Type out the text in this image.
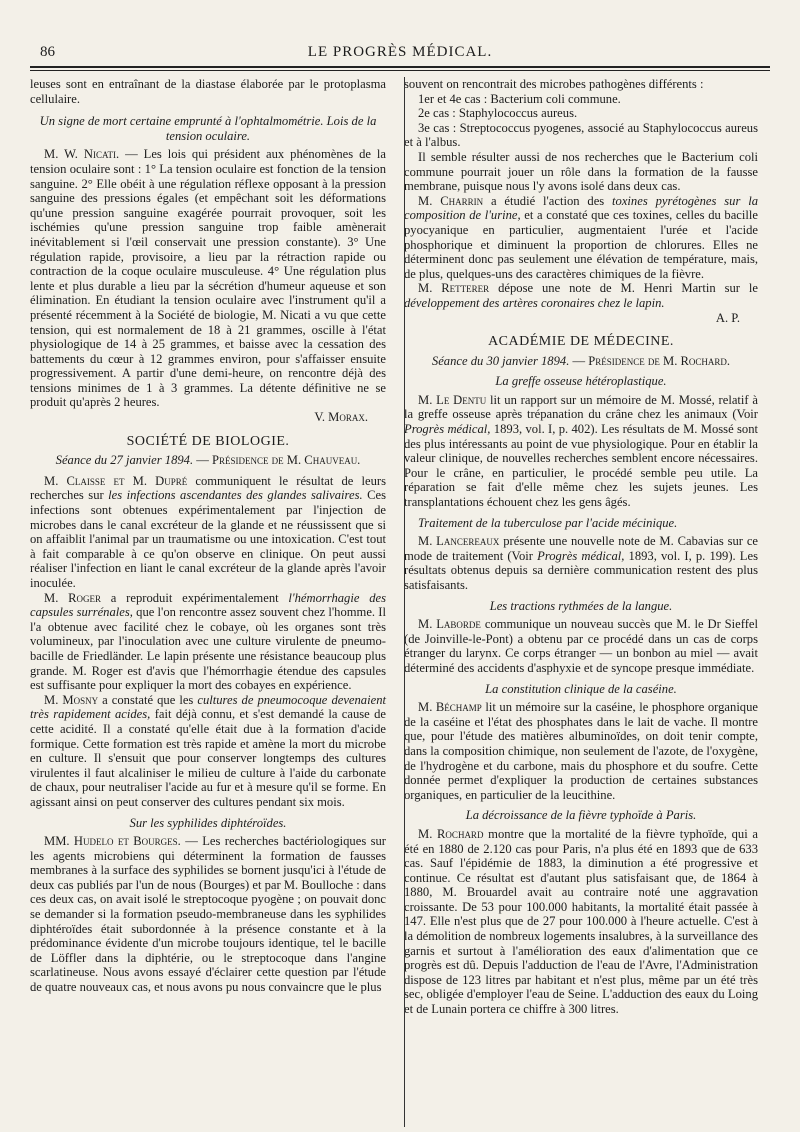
86	LE PROGRÈS MÉDICAL.

leuses sont en entraînant de la diastase élaborée par le protoplasma cellulaire.

Un signe de mort certaine emprunté à l'ophtalmométrie. Lois de la tension oculaire.

M. W. Nicati. — Les lois qui président aux phénomènes de la tension oculaire sont : 1° La tension oculaire est fonction de la tension sanguine. 2° Elle obéit à une régulation réflexe opposant à la pression sanguine des pressions égales (et empêchant soit les déformations qu'une pression sanguine exagérée pourrait provoquer, soit les ischémies qu'une pression sanguine trop faible amènerait inévitablement si l'œil conservait une pression constante). 3° Une régulation rapide, provisoire, a lieu par la rétraction rapide ou contraction de la coque oculaire musculeuse. 4° Une régulation plus lente et plus durable a lieu par la sécrétion d'humeur aqueuse et son élimination. En étudiant la tension oculaire avec l'instrument qu'il a présenté récemment à la Société de biologie, M. Nicati a vu que cette tension, qui est normalement de 18 à 21 grammes, oscille à l'état physiologique de 14 à 25 grammes, et baisse avec la cessation des battements du cœur à 12 grammes environ, pour s'affaisser ensuite progressivement. A partir d'une demi-heure, on rencontre déjà des tensions minimes de 1 à 3 grammes. La détente définitive ne se produit qu'après 2 heures.

V. Morax.

SOCIÉTÉ DE BIOLOGIE.

Séance du 27 janvier 1894. — Présidence de M. Chauveau.

M. Claisse et M. Dupré communiquent le résultat de leurs recherches sur les infections ascendantes des glandes salivaires. Ces infections sont obtenues expérimentalement par l'injection de microbes dans le canal excréteur de la glande et ne réussissent que si on affaiblit l'animal par un traumatisme ou une intoxication. C'est tout à fait comparable à ce qu'on observe en clinique. On peut aussi réaliser l'infection en liant le canal excréteur de la glande après l'avoir inoculée.

M. Roger a reproduit expérimentalement l'hémorrhagie des capsules surrénales, que l'on rencontre assez souvent chez l'homme. Il l'a obtenue avec facilité chez le cobaye, où les organes sont très volumineux, par l'inoculation avec une culture virulente de pneumo-bacille de Friedländer. Le lapin présente une résistance beaucoup plus grande. M. Roger est d'avis que l'hémorrhagie étendue des capsules est suffisante pour expliquer la mort des cobayes en expérience.

M. Mosny a constaté que les cultures de pneumocoque devenaient très rapidement acides, fait déjà connu, et s'est demandé la cause de cette acidité. Il a constaté qu'elle était due à la formation d'acide formique. Cette formation est très rapide et amène la mort du microbe en culture. Il s'ensuit que pour conserver longtemps des cultures virulentes il faut alcaliniser le milieu de culture à l'aide du carbonate de chaux, pour neutraliser l'acide au fur et à mesure qu'il se forme. En agissant ainsi on peut conserver des cultures pendant six mois.

Sur les syphilides diphtéroïdes.

MM. Hudelo et Bourges. — Les recherches bactériologiques sur les agents microbiens qui déterminent la formation de fausses membranes à la surface des syphilides se bornent jusqu'ici à l'étude de deux cas publiés par l'un de nous (Bourges) et par M. Boulloche : dans ces deux cas, on avait isolé le streptocoque pyogène ; on pouvait donc se demander si la formation pseudo-membraneuse dans les syphilides diphtéroïdes était subordonnée à la présence constante et à la prédominance évidente d'un microbe toujours identique, tel le bacille de Löffler dans la diphtérie, ou le streptocoque dans l'angine scarlatineuse. Nous avons essayé d'éclairer cette question par l'étude de quatre nouveaux cas, et nous avons pu nous convaincre que le plus

souvent on rencontrait des microbes pathogènes différents :

1er et 4e cas : Bacterium coli commune.

2e cas : Staphylococcus aureus.

3e cas : Streptococcus pyogenes, associé au Staphylococcus aureus et à l'albus.

Il semble résulter aussi de nos recherches que le Bacterium coli commune pourrait jouer un rôle dans la formation de la fausse membrane, puisque nous l'y avons isolé dans deux cas.

M. Charrin a étudié l'action des toxines pyrétogènes sur la composition de l'urine, et a constaté que ces toxines, celles du bacille pyocyanique en particulier, augmentaient l'urée et l'acide phosphorique et diminuent la proportion de chlorures. Elles ne déterminent donc pas seulement une élévation de température, mais, de plus, quelques-uns des caractères chimiques de la fièvre.

M. Retterer dépose une note de M. Henri Martin sur le développement des artères coronaires chez le lapin.

A. P.

ACADÉMIE DE MÉDECINE.

Séance du 30 janvier 1894. — Présidence de M. Rochard.

La greffe osseuse hétéroplastique.

M. Le Dentu lit un rapport sur un mémoire de M. Mossé, relatif à la greffe osseuse après trépanation du crâne chez les animaux (Voir Progrès médical, 1893, vol. I, p. 402). Les résultats de M. Mossé sont des plus intéressants au point de vue physiologique. Pour en établir la valeur clinique, de nouvelles recherches semblent encore nécessaires. Pour le crâne, en particulier, le procédé semble peu utile. La réparation se fait d'elle même chez les sujets jeunes. Les transplantations échouent chez les gens âgés.

Traitement de la tuberculose par l'acide mécinique.

M. Lancereaux présente une nouvelle note de M. Cabavias sur ce mode de traitement (Voir Progrès médical, 1893, vol. I, p. 199). Les résultats obtenus depuis sa dernière communication restent des plus satisfaisants.

Les tractions rythmées de la langue.

M. Laborde communique un nouveau succès que M. le Dr Sieffel (de Joinville-le-Pont) a obtenu par ce procédé dans un cas de corps étranger du larynx. Ce corps étranger — un bonbon au miel — avait déterminé des accidents d'asphyxie et de syncope presque immédiate.

La constitution clinique de la caséine.

M. Béchamp lit un mémoire sur la caséine, le phosphore organique de la caséine et l'état des phosphates dans le lait de vache. Il montre que, pour l'étude des matières albuminoïdes, on doit tenir compte, dans la composition chimique, non seulement de l'azote, de l'oxygène, de l'hydrogène et du carbone, mais du phosphore et du soufre. Cette donnée permet d'expliquer la production de certaines substances organiques, en particulier de la leucithine.

La décroissance de la fièvre typhoïde à Paris.

M. Rochard montre que la mortalité de la fièvre typhoïde, qui a été en 1880 de 2.120 cas pour Paris, n'a plus été en 1893 que de 633 cas. Sauf l'épidémie de 1883, la diminution a été progressive et continue. Ce résultat est d'autant plus satisfaisant que, de 1864 à 1880, M. Brouardel avait au contraire noté une aggravation croissante. De 53 pour 100.000 habitants, la mortalité était passée à 147. Elle n'est plus que de 27 pour 100.000 à l'heure actuelle. C'est à la démolition de nombreux logements insalubres, à la surveillance des garnis et surtout à l'amélioration des eaux d'alimentation que ce progrès est dû. Depuis l'adduction de l'eau de l'Avre, l'Administration dispose de 123 litres par habitant et n'est plus, même par un été très sec, obligée d'employer l'eau de Seine. L'adduction des eaux du Loing et de Lunain portera ce chiffre à 300 litres.
